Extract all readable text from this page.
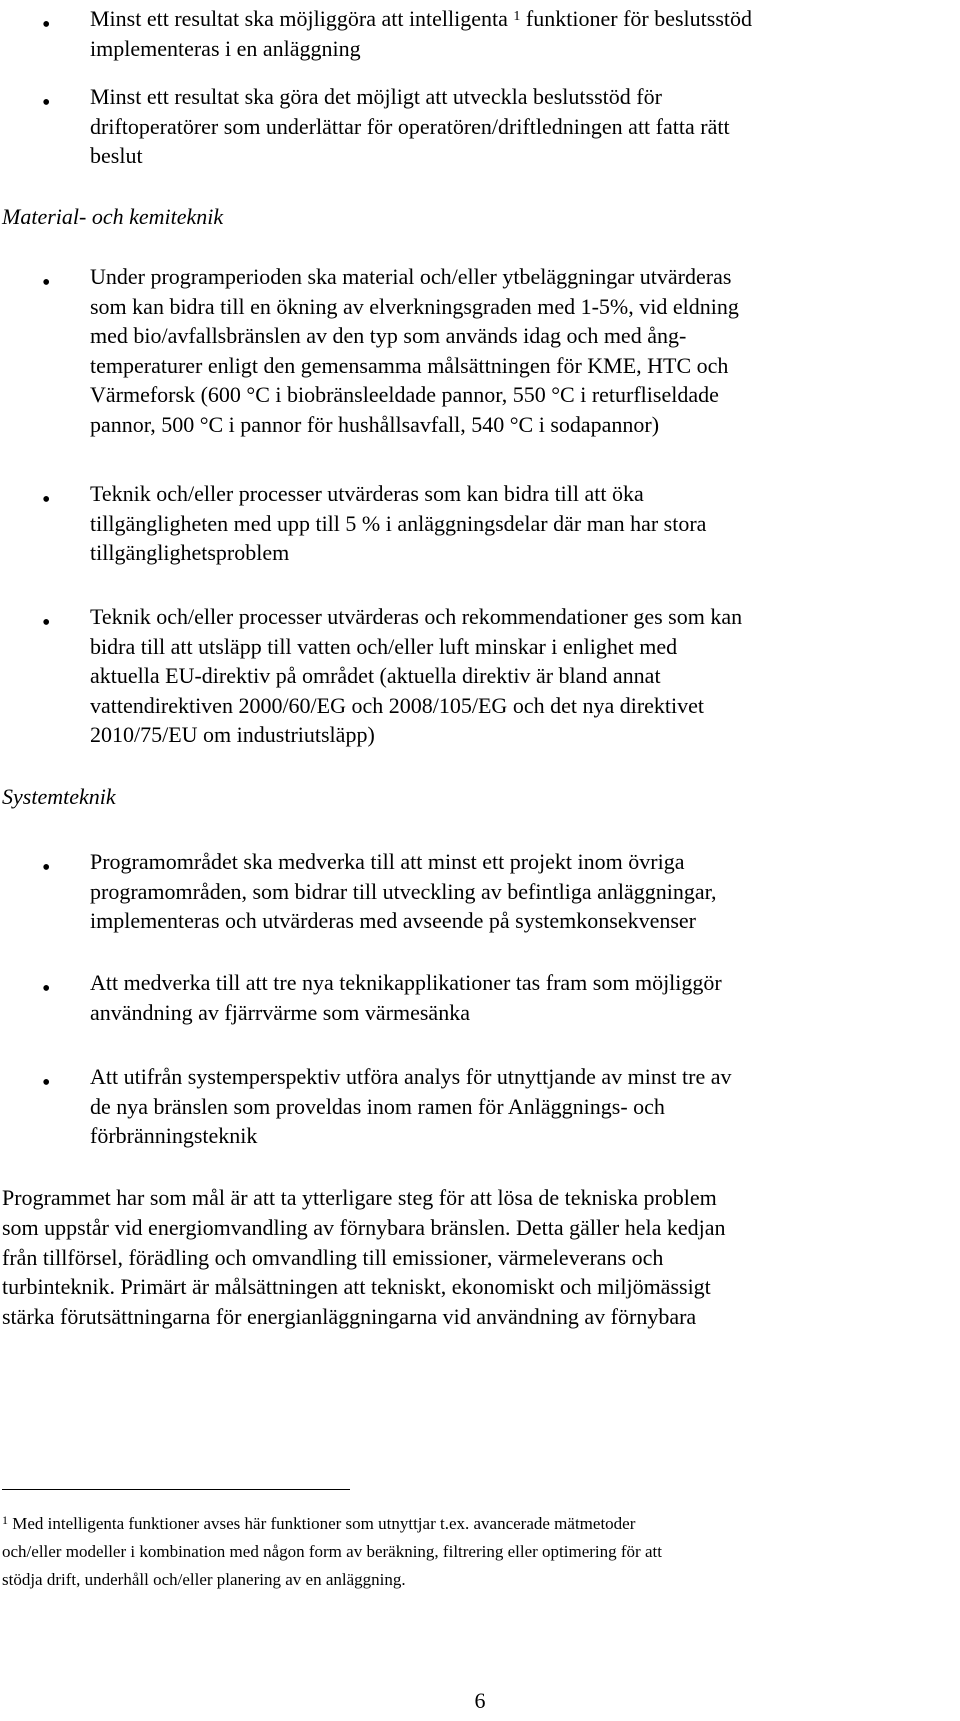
• Minst ett resultat ska möjliggöra att intelligenta $^1$ funktioner för beslutsstöd
implementeras i en anläggning
• Minst ett resultat ska göra det möjligt att utveckla beslutsstöd för
driftoperatörer som underlättar för operatören/driftledningen att fatta rätt
beslut
Material- och kemiteknik
• Under programperioden ska material och/eller ytbeläggningar utvärderas
som kan bidra till en ökning av elverkningsgraden med 1-5%, vid eldning
med bio/avfallsbränslen av den typ som används idag och med ång-
temperaturer enligt den gemensamma målsättningen för KME, HTC och
Värmeforsk (600 °C i biobränsleeldade pannor, 550 °C i returfliseldade
pannor, 500 °C i pannor för hushållsavfall, 540 °C i sodapannor)
• Teknik och/eller processer utvärderas som kan bidra till att öka
tillgängligheten med upp till 5 % i anläggningsdelar där man har stora
tillgänglighetsproblem
• Teknik och/eller processer utvärderas och rekommendationer ges som kan
bidra till att utsläpp till vatten och/eller luft minskar i enlighet med
aktuella EU-direktiv på området (aktuella direktiv är bland annat
vattendirektiven 2000/60/EG och 2008/105/EG och det nya direktivet
2010/75/EU om industriutsläpp)
Systemteknik
• Programområdet ska medverka till att minst ett projekt inom övriga
programområden, som bidrar till utveckling av befintliga anläggningar,
implementeras och utvärderas med avseende på systemkonsekvenser
• Att medverka till att tre nya teknikapplikationer tas fram som möjliggör
användning av fjärrvärme som värmesänka
• Att utifrån systemperspektiv utföra analys för utnyttjande av minst tre av
de nya bränslen som proveldas inom ramen för Anläggnings- och
förbränningsteknik
Programmet har som mål är att ta ytterligare steg för att lösa de tekniska problem
som uppstår vid energiomvandling av förnybara bränslen. Detta gäller hela kedjan
från tillförsel, förädling och omvandling till emissioner, värmeleverans och
turbinteknik. Primärt är målsättningen att tekniskt, ekonomiskt och miljömässigt
stärka förutsättningarna för energianläggningarna vid användning av förnybara
$^1$ Med intelligenta funktioner avses här funktioner som utnyttjar t.ex. avancerade mätmetoder
och/eller modeller i kombination med någon form av beräkning, filtrering eller optimering för att
stödja drift, underhåll och/eller planering av en anläggning.
6
